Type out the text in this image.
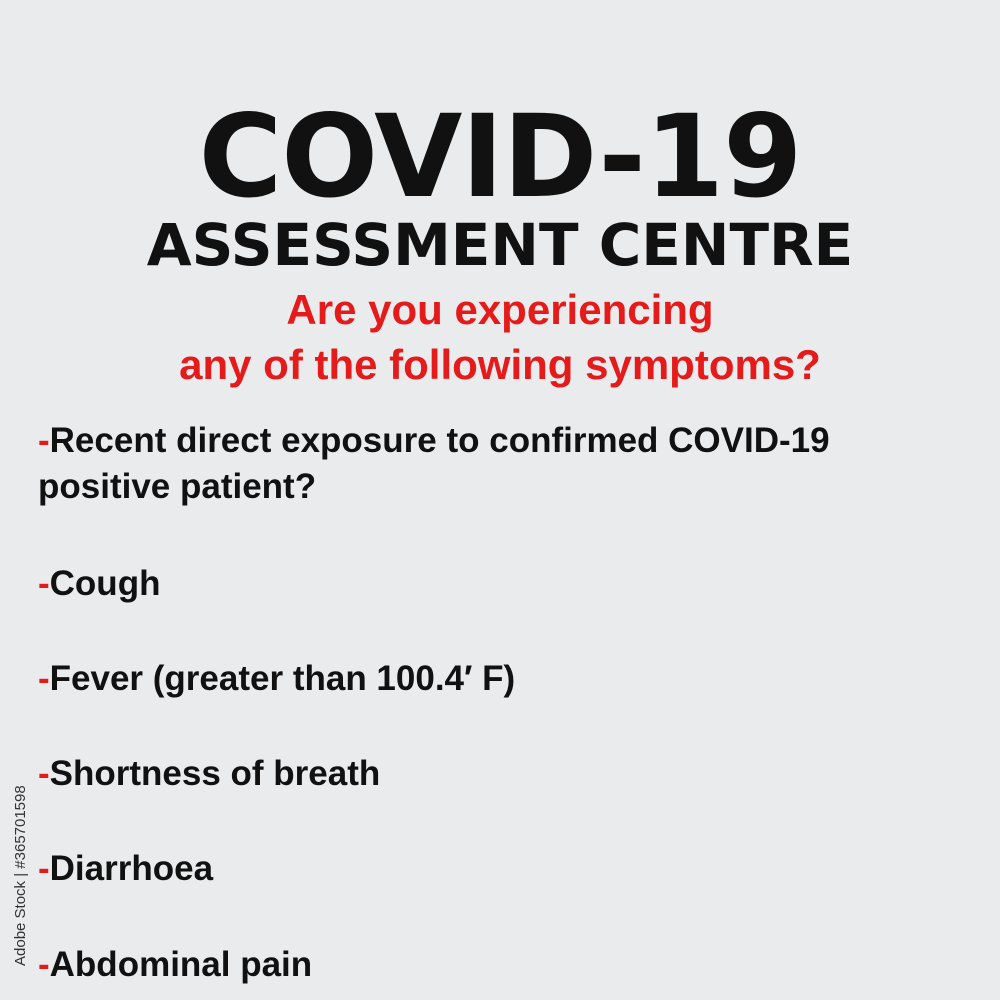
COVID-19
ASSESSMENT CENTRE
Are you experiencing
any of the following symptoms?
-Recent direct exposure to confirmed COVID-19 positive patient?
-Cough
-Fever (greater than 100.4′ F)
-Shortness of breath
-Diarrhoea
-Abdominal pain
Adobe Stock | #365701598
